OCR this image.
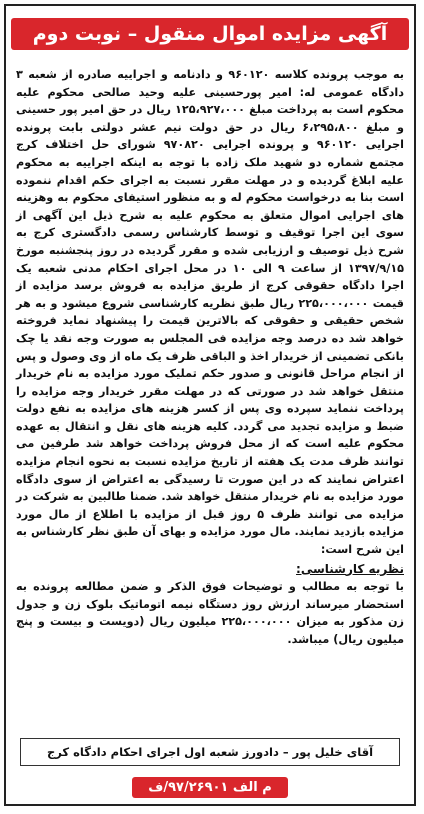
آگهی مزایده اموال منقول – نوبت دوم

به موجب پرونده کلاسه ۹۶۰۱۲۰ و دادنامه و اجراییه صادره از شعبه ۳ دادگاه عمومی له: امیر پورحسینی علیه وحید صالحی محکوم علیه محکوم است به پرداخت مبلغ ۱۲۵،۹۲۷،۰۰۰ ریال در حق امیر پور حسینی و مبلغ ۶،۲۹۵،۸۰۰ ریال در حق دولت نیم عشر دولتی بابت پرونده اجرایی ۹۶۰۱۲۰ و پرونده اجرایی ۹۷۰۸۲۰ شورای حل اختلاف کرج مجتمع شماره دو شهید ملک زاده با توجه به اینکه اجراییه به محکوم علیه ابلاغ گردیده و در مهلت مقرر نسبت به اجرای حکم اقدام ننموده است بنا به درخواست محکوم له و به منظور استیفای محکوم به وهزینه های اجرایی اموال متعلق به محکوم علیه به شرح ذیل این آگهی از سوی این اجرا توقیف و توسط کارشناس رسمی دادگستری کرج به شرح ذیل توصیف و ارزیابی شده و مقرر گردیده در روز پنجشنبه مورخ ۱۳۹۷/۹/۱۵ از ساعت ۹ الی ۱۰ در محل اجرای احکام مدنی شعبه یک اجرا دادگاه حقوقی کرج از طریق مزایده به فروش برسد مزایده از قیمت ۲۲۵،۰۰۰،۰۰۰ ریال طبق نظریه کارشناسی شروع میشود و به هر شخص حقیقی و حقوقی که بالاترین قیمت را پیشنهاد نماید فروخته خواهد شد ده درصد وجه مزایده فی المجلس به صورت وجه نقد یا چک بانکی تضمینی از خریدار اخذ و الباقی ظرف یک ماه از وی وصول و پس از انجام مراحل قانونی و صدور حکم تملیک مورد مزایده به نام خریدار منتقل خواهد شد در صورتی که در مهلت مقرر خریدار وجه مزایده را پرداخت ننماید سپرده وی پس از کسر هزینه های مزایده به نفع دولت ضبط و مزایده تجدید می گردد. کلیه هزینه های نقل و انتقال به عهده محکوم علیه است که از محل فروش پرداخت خواهد شد طرفین می توانند ظرف مدت یک هفته از تاریخ مزایده نسبت به نحوه انجام مزایده اعتراض نمایند که در این صورت تا رسیدگی به اعتراض از سوی دادگاه مورد مزایده به نام خریدار منتقل خواهد شد. ضمنا طالبین به شرکت در مزایده می توانند ظرف ۵ روز قبل از مزایده با اطلاع از مال مورد مزایده بازدید نمایند. مال مورد مزایده و بهای آن طبق نظر کارشناس به این شرح است:

نظریه کارشناسی:

با توجه به مطالب و توضیحات فوق الذکر و ضمن مطالعه پرونده به استحضار میرساند ارزش روز دستگاه نیمه اتوماتیک بلوک زن و جدول زن مذکور به میزان ۲۲۵،۰۰۰،۰۰۰ میلیون ریال (دویست و بیست و پنج میلیون ریال) میباشد.

آقای خلیل پور – دادورز شعبه اول اجرای احکام دادگاه کرج
م الف ۹۷/۲۶۹۰۱/ف
